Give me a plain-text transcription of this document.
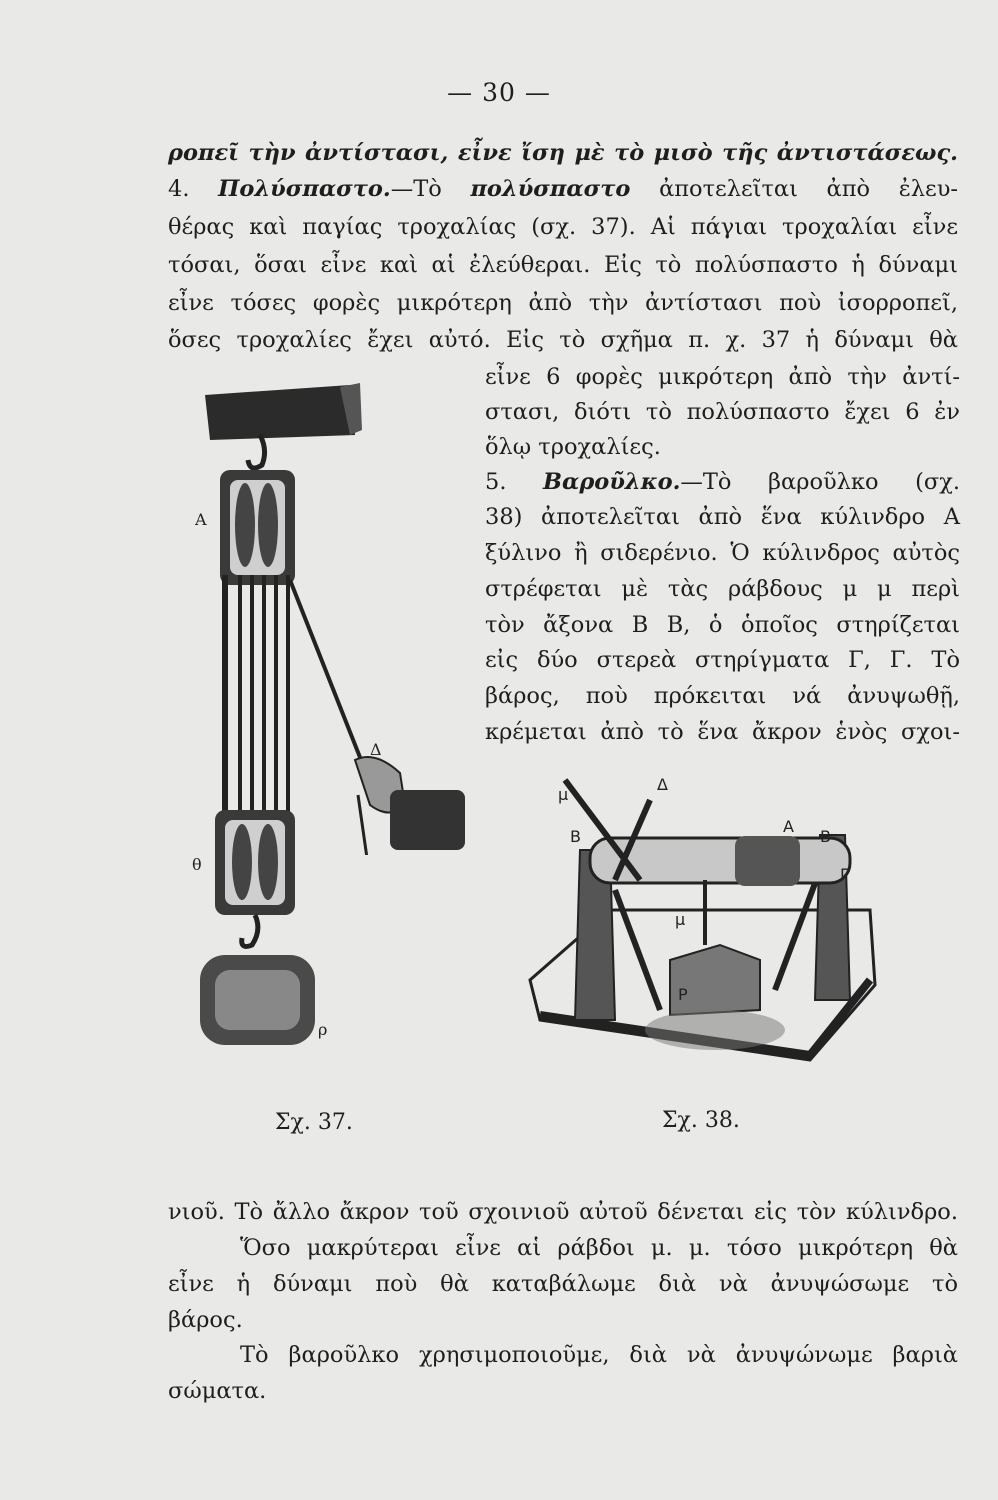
— 30 —
ροπεῖ τὴν ἀντίστασι, εἶνε ἴση μὲ τὸ μισὸ τῆς ἀντιστάσεως.
4. Πολύσπαστο.—Τὸ πολύσπαστο ἀποτελεῖται ἀπὸ ἐλευ-
θέρας καὶ παγίας τροχαλίας (σχ. 37). Αἱ πάγιαι τροχαλίαι εἶνε
τόσαι, ὅσαι εἶνε καὶ αἱ ἐλεύθεραι. Εἰς τὸ πολύσπαστο ἡ δύναμι
εἶνε τόσες φορὲς μικρότερη ἀπὸ τὴν ἀντίστασι ποὺ ἰσορροπεῖ,
ὅσες τροχαλίες ἔχει αὐτό. Εἰς τὸ σχῆμα π. χ. 37 ἡ δύναμι θὰ
εἶνε 6 φορὲς μικρότερη ἀπὸ τὴν ἀντί-
στασι, διότι τὸ πολύσπαστο ἔχει 6 ἐν
ὅλῳ τροχαλίες.
5. Βαροῦλκο.—Τὸ βαροῦλκο (σχ.
38) ἀποτελεῖται ἀπὸ ἕνα κύλινδρο Α
ξύλινο ἢ σιδερένιο. Ὁ κύλινδρος αὐτὸς
στρέφεται μὲ τὰς ράβδους μ μ περὶ
τὸν ἄξονα Β Β, ὁ ὁποῖος στηρίζεται
εἰς δύο στερεὰ στηρίγματα Γ, Γ. Τὸ
βάρος, ποὺ πρόκειται νά ἀνυψωθῇ,
κρέμεται ἀπὸ τὸ ἕνα ἄκρον ἑνὸς σχοι-
Α
Δ
θ
ρ
μ
Δ
Β
Α
Β
Γ
μ
Ρ
Σχ. 37.	Σχ. 38.
νιοῦ. Τὸ ἄλλο ἄκρον τοῦ σχοινιοῦ αὐτοῦ δένεται εἰς τὸν κύλινδρο.
Ὅσο μακρύτεραι εἶνε αἱ ράβδοι μ. μ. τόσο μικρότερη θὰ
εἶνε ἡ δύναμι ποὺ θὰ καταβάλωμε διὰ νὰ ἀνυψώσωμε τὸ
βάρος.
Τὸ βαροῦλκο χρησιμοποιοῦμε, διὰ νὰ ἀνυψώνωμε βαριὰ
σώματα.
